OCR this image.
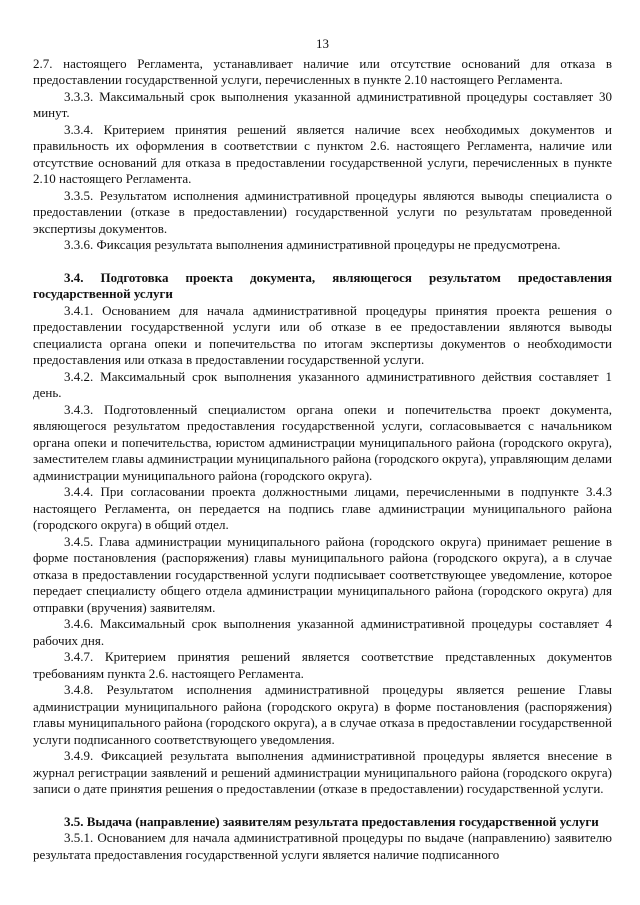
13

2.7. настоящего Регламента, устанавливает наличие или отсутствие оснований для отказа в предоставлении государственной услуги, перечисленных в пункте 2.10 настоящего Регламента.

3.3.3. Максимальный срок выполнения указанной административной процедуры составляет 30 минут.

3.3.4. Критерием принятия решений является наличие всех необходимых документов и правильность их оформления в соответствии с пунктом 2.6. настоящего Регламента, наличие или отсутствие оснований для отказа в предоставлении государственной услуги, перечисленных в пункте 2.10 настоящего Регламента.

3.3.5. Результатом исполнения административной процедуры являются выводы специалиста о предоставлении (отказе в предоставлении) государственной услуги по результатам проведенной экспертизы документов.

3.3.6. Фиксация результата выполнения административной процедуры не предусмотрена.

3.4. Подготовка проекта документа, являющегося результатом предоставления государственной услуги

3.4.1. Основанием для начала административной процедуры принятия проекта решения о предоставлении государственной услуги или об отказе в ее предоставлении являются выводы специалиста органа опеки и попечительства по итогам экспертизы документов о необходимости предоставления или отказа в предоставлении государственной услуги.

3.4.2. Максимальный срок выполнения указанного административного действия составляет 1 день.

3.4.3. Подготовленный специалистом органа опеки и попечительства проект документа, являющегося результатом предоставления государственной услуги, согласовывается с начальником органа опеки и попечительства, юристом администрации муниципального района (городского округа), заместителем главы администрации муниципального района (городского округа), управляющим делами администрации муниципального района (городского округа).

3.4.4. При согласовании проекта должностными лицами, перечисленными в подпункте 3.4.3 настоящего Регламента, он передается на подпись главе администрации муниципального района (городского округа) в общий отдел.

3.4.5. Глава администрации муниципального района (городского округа) принимает решение в форме постановления (распоряжения) главы муниципального района (городского округа), а в случае отказа в предоставлении государственной услуги подписывает соответствующее уведомление, которое передает специалисту общего отдела администрации муниципального района (городского округа) для отправки (вручения) заявителям.

3.4.6. Максимальный срок выполнения указанной административной процедуры составляет 4 рабочих дня.

3.4.7. Критерием принятия решений является соответствие представленных документов требованиям пункта 2.6. настоящего Регламента.

3.4.8. Результатом исполнения административной процедуры является решение Главы администрации муниципального района (городского округа) в форме постановления (распоряжения) главы муниципального района (городского округа), а в случае отказа в предоставлении государственной услуги подписанного соответствующего уведомления.

3.4.9. Фиксацией результата выполнения административной процедуры является внесение в журнал регистрации заявлений и решений администрации муниципального района (городского округа) записи о дате принятия решения о предоставлении (отказе в предоставлении) государственной услуги.

3.5. Выдача (направление) заявителям результата предоставления государственной услуги

3.5.1. Основанием для начала административной процедуры по выдаче (направлению) заявителю результата предоставления государственной услуги является наличие подписанного
